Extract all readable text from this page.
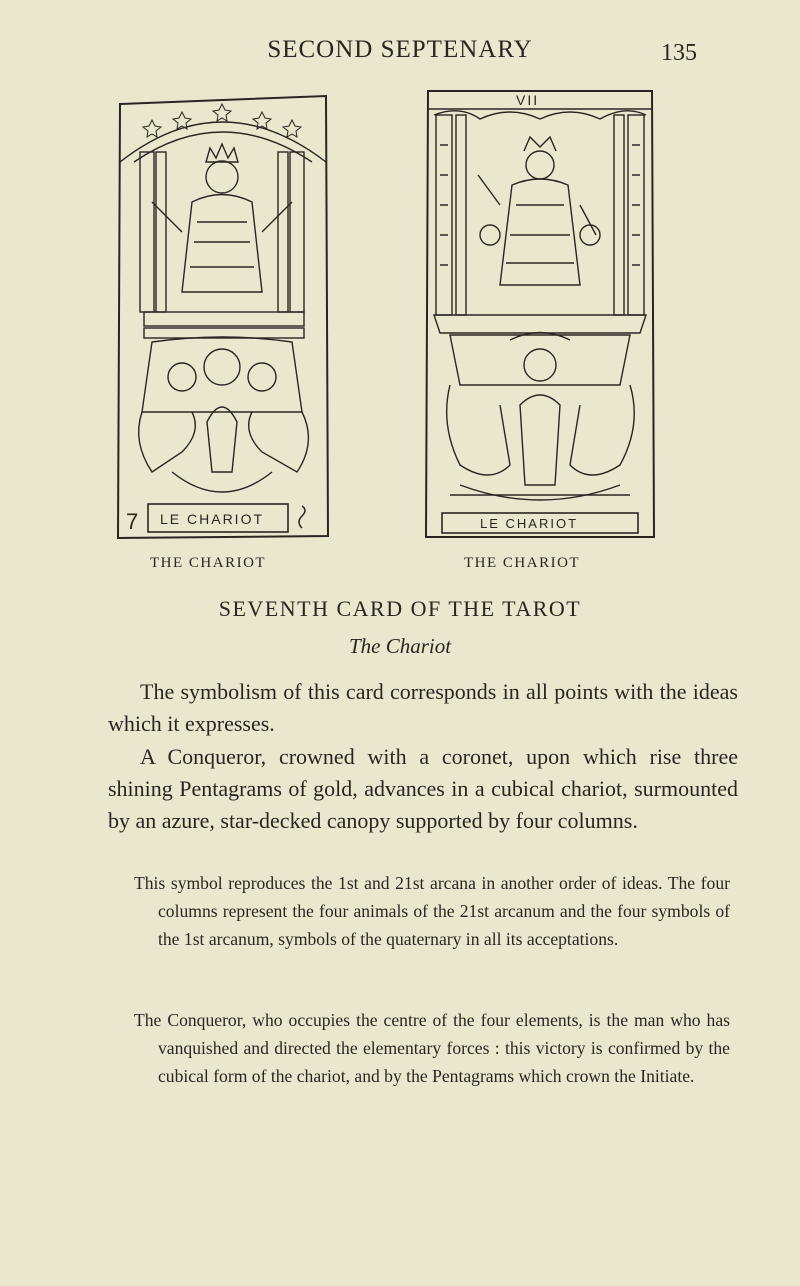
SECOND SEPTENARY	135
7 LE CHARIOT
VII
LE CHARIOT
THE CHARIOT	THE CHARIOT
SEVENTH CARD OF THE TAROT
The Chariot

The symbolism of this card corresponds in all points with the ideas which it expresses.

A Conqueror, crowned with a coronet, upon which rise three shining Pentagrams of gold, advances in a cubical chariot, surmounted by an azure, star-decked canopy supported by four columns.

This symbol reproduces the 1st and 21st arcana in another order of ideas. The four columns represent the four animals of the 21st arcanum and the four symbols of the 1st arcanum, symbols of the quaternary in all its acceptations.

The Conqueror, who occupies the centre of the four elements, is the man who has vanquished and directed the elementary forces : this victory is confirmed by the cubical form of the chariot, and by the Pentagrams which crown the Initiate.
